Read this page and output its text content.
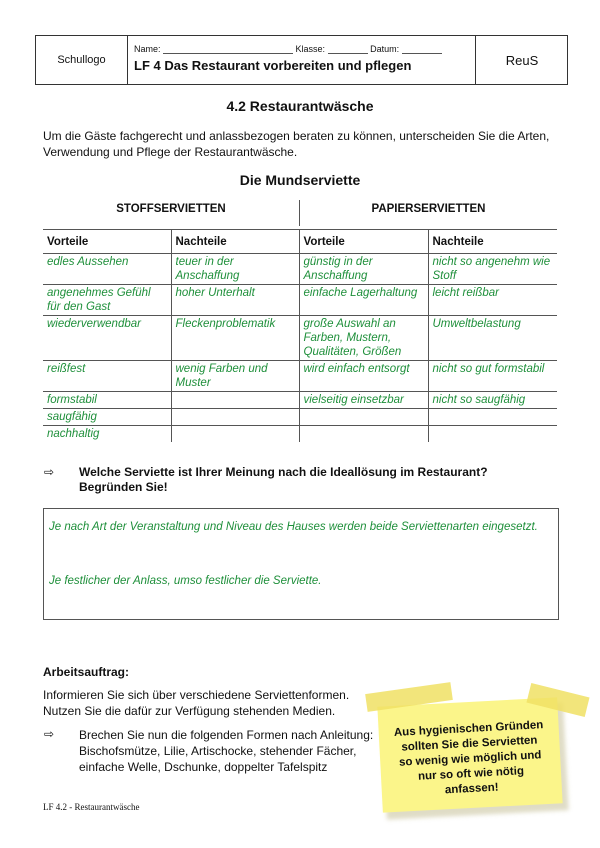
Schullogo
Name:	Klasse:	Datum:
LF 4 Das Restaurant vorbereiten und pflegen	ReuS
4.2 Restaurantwäsche
Um die Gäste fachgerecht und anlassbezogen beraten zu können, unterscheiden Sie die Arten, Verwendung und Pflege der Restaurantwäsche.
Die Mundserviette
STOFFSERVIETTEN	PAPIERSERVIETTEN
Vorteile	Nachteile	Vorteile	Nachteile
edles Aussehen	teuer in der Anschaffung	günstig in der Anschaffung	nicht so angenehm wie Stoff
angenehmes Gefühl für den Gast	hoher Unterhalt	einfache Lagerhaltung	leicht reißbar
wiederverwendbar	Fleckenproblematik	große Auswahl an Farben, Mustern, Qualitäten, Größen	Umweltbelastung
reißfest	wenig Farben und Muster	wird einfach entsorgt	nicht so gut formstabil
formstabil		vielseitig einsetzbar	nicht so saugfähig
saugfähig			
nachhaltig			
⇨ Welche Serviette ist Ihrer Meinung nach die Ideallösung im Restaurant? Begründen Sie!
Je nach Art der Veranstaltung und Niveau des Hauses werden beide Serviettenarten eingesetzt.
Je festlicher der Anlass, umso festlicher die Serviette.
Arbeitsauftrag:
Informieren Sie sich über verschiedene Serviettenformen. Nutzen Sie die dafür zur Verfügung stehenden Medien.
⇨ Brechen Sie nun die folgenden Formen nach Anleitung: Bischofsmütze, Lilie, Artischocke, stehender Fächer, einfache Welle, Dschunke, doppelter Tafelspitz
Aus hygienischen Gründen sollten Sie die Servietten so wenig wie möglich und nur so oft wie nötig anfassen!
LF 4.2 - Restaurantwäsche
